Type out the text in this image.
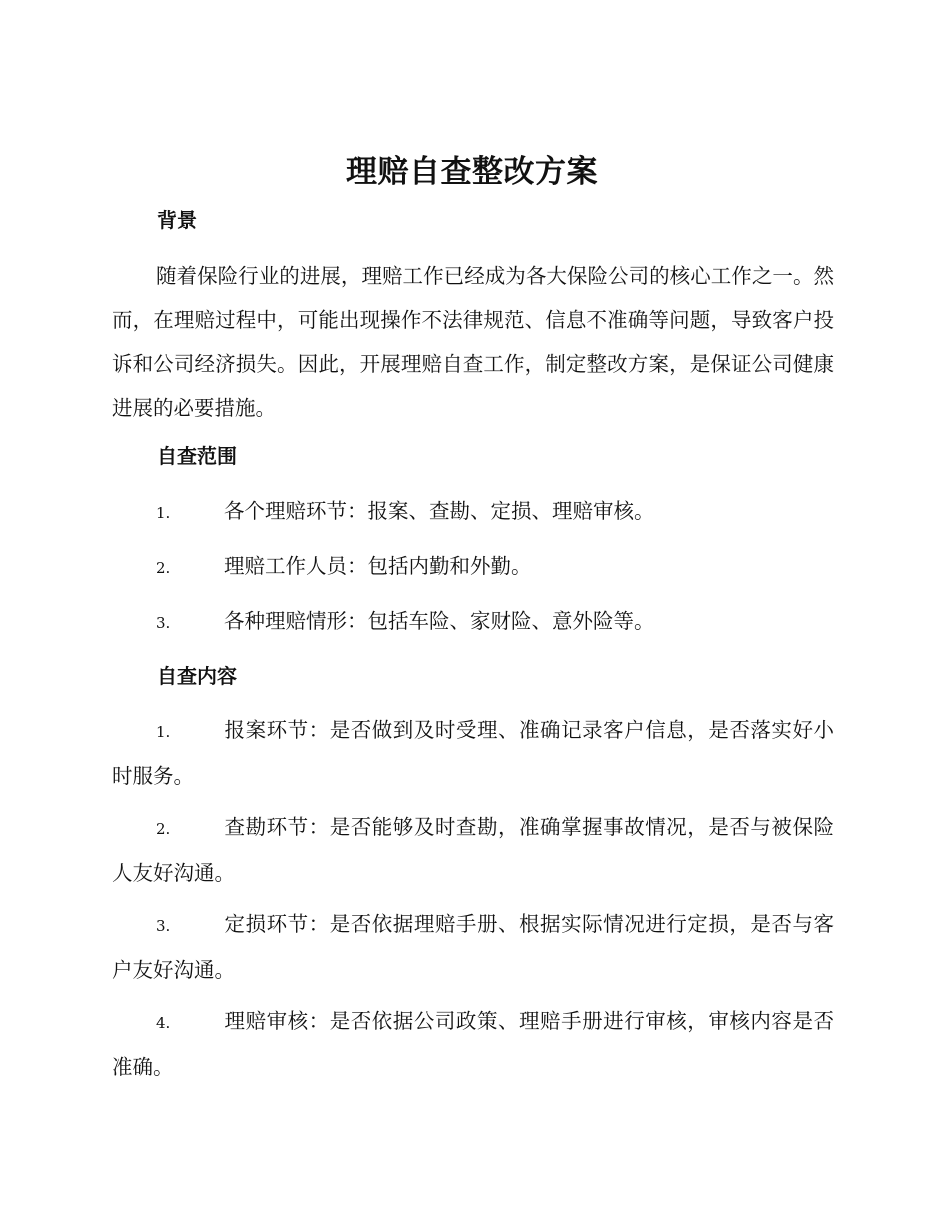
理赔自查整改方案
背景
随着保险行业的进展，理赔工作已经成为各大保险公司的核心工作之一。然而，在理赔过程中，可能出现操作不法律规范、信息不准确等问题，导致客户投诉和公司经济损失。因此，开展理赔自查工作，制定整改方案，是保证公司健康进展的必要措施。
自查范围
1.	各个理赔环节：报案、查勘、定损、理赔审核。
2.	理赔工作人员：包括内勤和外勤。
3.	各种理赔情形：包括车险、家财险、意外险等。
自查内容
1.	报案环节：是否做到及时受理、准确记录客户信息，是否落实好小时服务。
2.	查勘环节：是否能够及时查勘，准确掌握事故情况，是否与被保险人友好沟通。
3.	定损环节：是否依据理赔手册、根据实际情况进行定损，是否与客户友好沟通。
4.	理赔审核：是否依据公司政策、理赔手册进行审核，审核内容是否准确。
